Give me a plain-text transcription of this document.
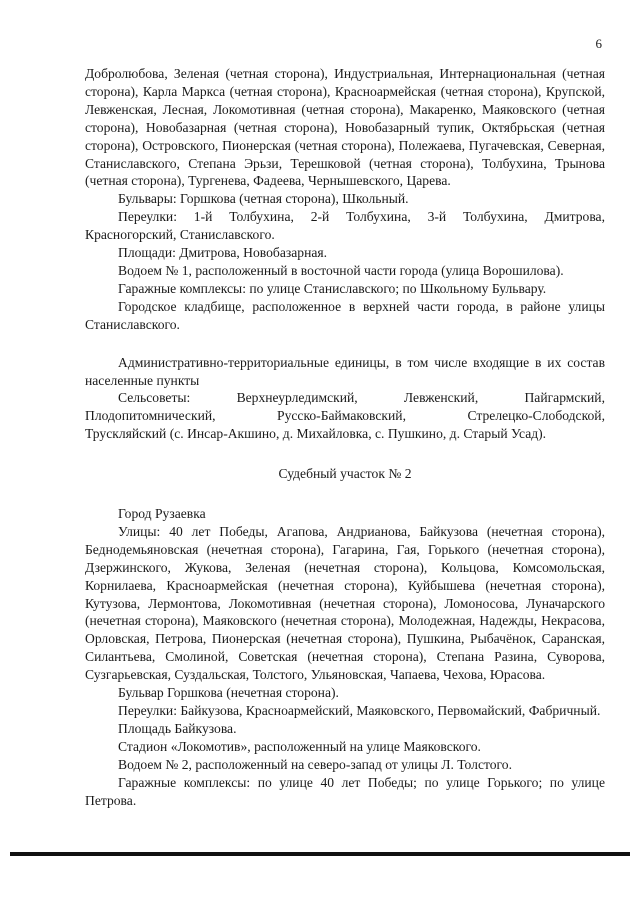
6

Добролюбова, Зеленая (четная сторона), Индустриальная, Интернациональная (четная сторона), Карла Маркса (четная сторона), Красноармейская (четная сторона), Крупской, Левженская, Лесная, Локомотивная (четная сторона), Макаренко, Маяковского (четная сторона), Новобазарная (четная сторона), Новобазарный тупик, Октябрьская (четная сторона), Островского, Пионерская (четная сторона), Полежаева, Пугачевская, Северная, Станиславского, Степана Эрьзи, Терешковой (четная сторона), Толбухина, Трынова (четная сторона), Тургенева, Фадеева, Чернышевского, Царева.

Бульвары: Горшкова (четная сторона), Школьный.

Переулки: 1-й Толбухина, 2-й Толбухина, 3-й Толбухина, Дмитрова, Красногорский, Станиславского.

Площади: Дмитрова, Новобазарная.

Водоем № 1, расположенный в восточной части города (улица Ворошилова).

Гаражные комплексы: по улице Станиславского; по Школьному Бульвару.

Городское кладбище, расположенное в верхней части города, в районе улицы Станиславского.

Административно-территориальные единицы, в том числе входящие в их состав населенные пункты

Сельсоветы:	Верхнеурледимский,	Левженский,	Пайгармский,
Плодопитомнический,	Русско-Баймаковский,	Стрелецко-Слободской,

Трускляйский (с. Инсар-Акшино, д. Михайловка, с. Пушкино, д. Старый Усад).

Судебный участок № 2

Город Рузаевка

Улицы: 40 лет Победы, Агапова, Андрианова, Байкузова (нечетная сторона), Беднодемьяновская (нечетная сторона), Гагарина, Гая, Горького (нечетная сторона), Дзержинского, Жукова, Зеленая (нечетная сторона), Кольцова, Комсомольская, Корнилаева, Красноармейская (нечетная сторона), Куйбышева (нечетная сторона), Кутузова, Лермонтова, Локомотивная (нечетная сторона), Ломоносова, Луначарского (нечетная сторона), Маяковского (нечетная сторона), Молодежная, Надежды, Некрасова, Орловская, Петрова, Пионерская (нечетная сторона), Пушкина, Рыбачёнок, Саранская, Силантьева, Смолиной, Советская (нечетная сторона), Степана Разина, Суворова, Сузгарьевская, Суздальская, Толстого, Ульяновская, Чапаева, Чехова, Юрасова.

Бульвар Горшкова (нечетная сторона).

Переулки: Байкузова, Красноармейский, Маяковского, Первомайский, Фабричный.

Площадь Байкузова.

Стадион «Локомотив», расположенный на улице Маяковского.

Водоем № 2, расположенный на северо-запад от улицы Л. Толстого.

Гаражные комплексы: по улице 40 лет Победы; по улице Горького; по улице Петрова.
